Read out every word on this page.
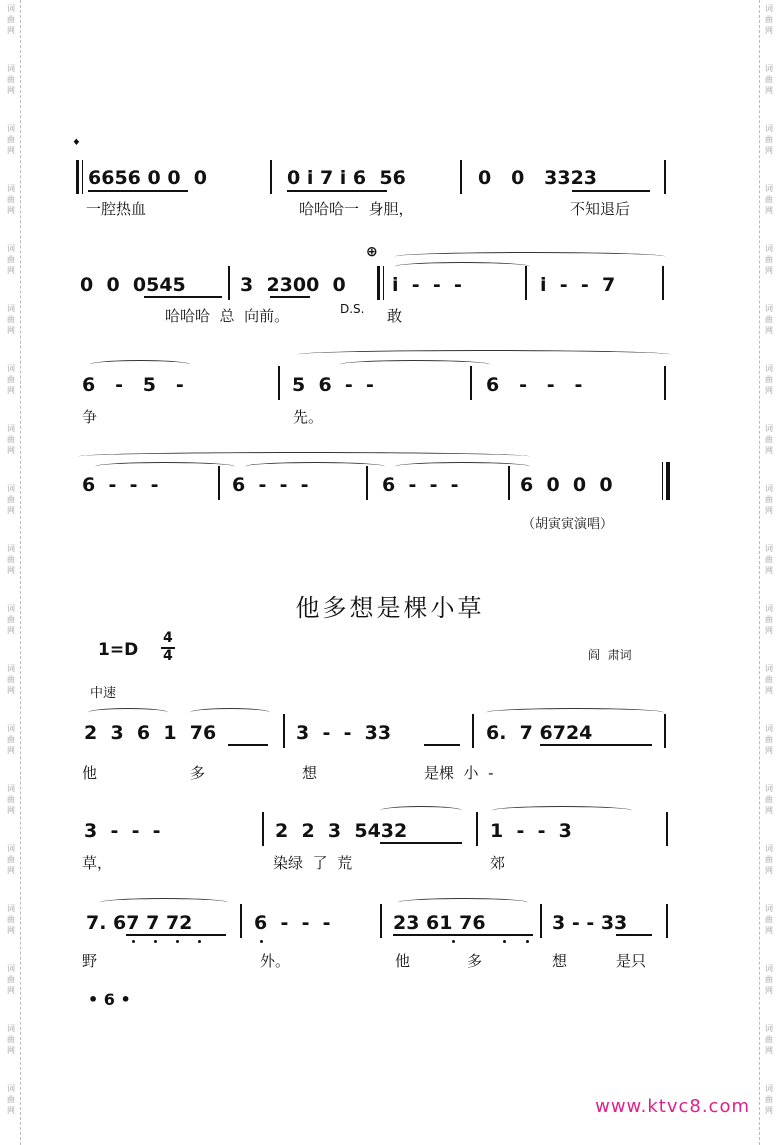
词
曲
网
词
曲
网
词
曲
网
词
曲
网
词
曲
网
词
曲
网
词
曲
网
词
曲
网
词
曲
网
词
曲
网
词
曲
网
词
曲
网
词
曲
网
词
曲
网
词
曲
网
词
曲
网
词
曲
网
词
曲
网
词
曲
网
词
曲
网
词
曲
网
词
曲
网
词
曲
网
词
曲
网
词
曲
网
词
曲
网
词
曲
网
词
曲
网
词
曲
网
词
曲
网
词
曲
网
词
曲
网
词
曲
网
词
曲
网
词
曲
网
词
曲
网
词
曲
网
词
曲
网
𝄌
6656 0 0  0	0 i 7 i 6  56	0   0   3323
一腔热血	哈哈哈一  身胆，	不知退后
0  0  0545	3  2300  0
⊕
i  -  -  -	i  -  -  7
哈哈哈  总  向前。	D.S. 敢
6   -   5   -	5  6  -  -	6   -   -   -
争	先。
6  -  -  -	6  -  -  -	6  -  -  -	6  0  0  0
（胡寅寅演唱）
他多想是棵小草
1=D
4
4	阎  肃词
中速
2  3  6  1  76	3  -  -  33	6.  7 6724
他	多	想	是棵  小  -
3  -  -  -	2  2  3  5432	1  -  -  3
草，	染绿  了  荒	郊
7. 67 7 72	6  -  -  -	23 61 76	3 - - 33
野	外。	他	多	想	是只
• 6 •
www.ktvc8.com
